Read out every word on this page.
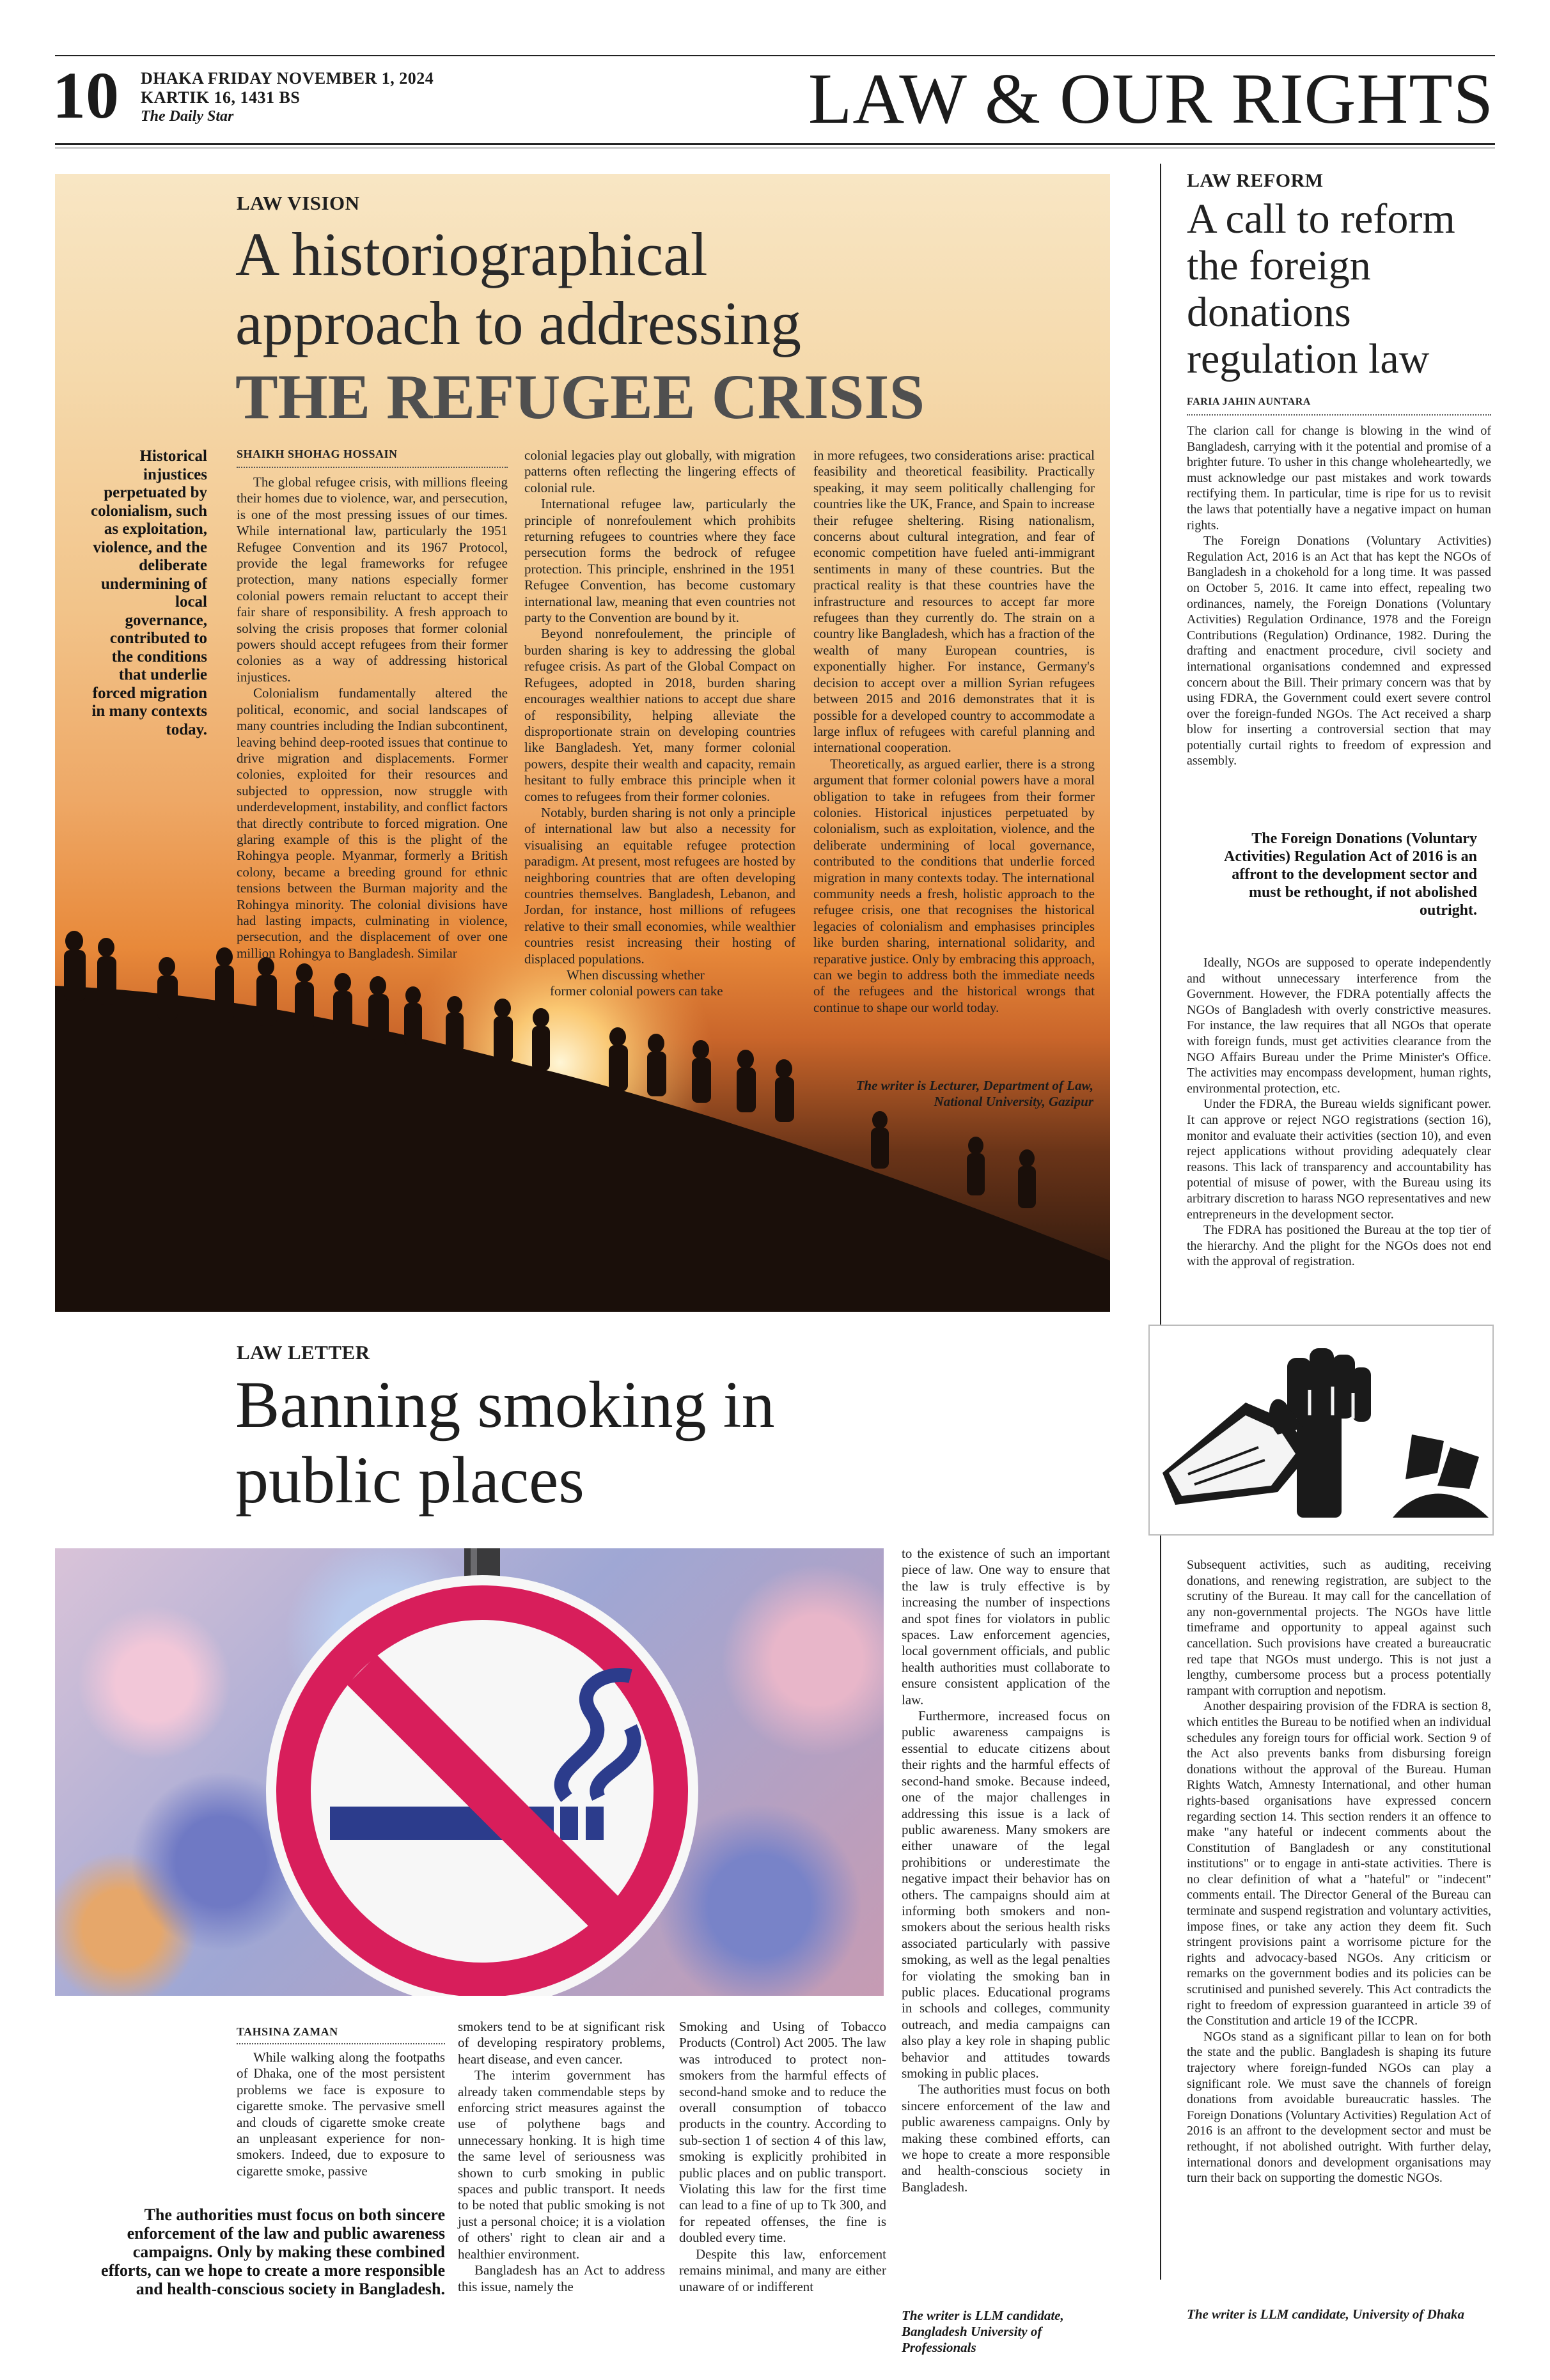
10 DHAKA FRIDAY NOVEMBER 1, 2024
KARTIK 16, 1431 BS
The Daily Star	LAW & OUR RIGHTS
LAW VISION
A historiographical
approach to addressing
THE REFUGEE CRISIS
Historical injustices perpetuated by colonialism, such as exploitation, violence, and the deliberate undermining of local governance, contributed to the conditions that underlie forced migration in many contexts today.
SHAIKH SHOHAG HOSSAIN

The global refugee crisis, with millions fleeing their homes due to violence, war, and persecution, is one of the most pressing issues of our times. While international law, particularly the 1951 Refugee Convention and its 1967 Protocol, provide the legal frameworks for refugee protection, many nations especially former colonial powers remain reluctant to accept their fair share of responsibility. A fresh approach to solving the crisis proposes that former colonial powers should accept refugees from their former colonies as a way of addressing historical injustices.

Colonialism fundamentally altered the political, economic, and social landscapes of many countries including the Indian subcontinent, leaving behind deep-rooted issues that continue to drive migration and displacements. Former colonies, exploited for their resources and subjected to oppression, now struggle with underdevelopment, instability, and conflict factors that directly contribute to forced migration. One glaring example of this is the plight of the Rohingya people. Myanmar, formerly a British colony, became a breeding ground for ethnic tensions between the Burman majority and the Rohingya minority. The colonial divisions have had lasting impacts, culminating in violence, persecution, and the displacement of over one million Rohingya to Bangladesh. Similar

colonial legacies play out globally, with migration patterns often reflecting the lingering effects of colonial rule.

International refugee law, particularly the principle of nonrefoulement which prohibits returning refugees to countries where they face persecution forms the bedrock of refugee protection. This principle, enshrined in the 1951 Refugee Convention, has become customary international law, meaning that even countries not party to the Convention are bound by it.

Beyond nonrefoulement, the principle of burden sharing is key to addressing the global refugee crisis. As part of the Global Compact on Refugees, adopted in 2018, burden sharing encourages wealthier nations to accept due share of responsibility, helping alleviate the disproportionate strain on developing countries like Bangladesh. Yet, many former colonial powers, despite their wealth and capacity, remain hesitant to fully embrace this principle when it comes to refugees from their former colonies.

Notably, burden sharing is not only a principle of international law but also a necessity for visualising an equitable refugee protection paradigm. At present, most refugees are hosted by neighboring countries that are often developing countries themselves. Bangladesh, Lebanon, and Jordan, for instance, host millions of refugees relative to their small economies, while wealthier countries resist increasing their hosting of displaced populations.

When discussing whether former colonial powers can take

in more refugees, two considerations arise: practical feasibility and theoretical feasibility. Practically speaking, it may seem politically challenging for countries like the UK, France, and Spain to increase their refugee sheltering. Rising nationalism, concerns about cultural integration, and fear of economic competition have fueled anti-immigrant sentiments in many of these countries. But the practical reality is that these countries have the infrastructure and resources to accept far more refugees than they currently do. The strain on a country like Bangladesh, which has a fraction of the wealth of many European countries, is exponentially higher. For instance, Germany's decision to accept over a million Syrian refugees between 2015 and 2016 demonstrates that it is possible for a developed country to accommodate a large influx of refugees with careful planning and international cooperation.

Theoretically, as argued earlier, there is a strong argument that former colonial powers have a moral obligation to take in refugees from their former colonies. Historical injustices perpetuated by colonialism, such as exploitation, violence, and the deliberate undermining of local governance, contributed to the conditions that underlie forced migration in many contexts today. The international community needs a fresh, holistic approach to the refugee crisis, one that recognises the historical legacies of colonialism and emphasises principles like burden sharing, international solidarity, and reparative justice. Only by embracing this approach, can we begin to address both the immediate needs of the refugees and the historical wrongs that continue to shape our world today.

The writer is Lecturer, Department of Law, National University, Gazipur
LAW REFORM
A call to reform the foreign donations regulation law
FARIA JAHIN AUNTARA

The clarion call for change is blowing in the wind of Bangladesh, carrying with it the potential and promise of a brighter future. To usher in this change wholeheartedly, we must acknowledge our past mistakes and work towards rectifying them. In particular, time is ripe for us to revisit the laws that potentially have a negative impact on human rights.

The Foreign Donations (Voluntary Activities) Regulation Act, 2016 is an Act that has kept the NGOs of Bangladesh in a chokehold for a long time. It was passed on October 5, 2016. It came into effect, repealing two ordinances, namely, the Foreign Donations (Voluntary Activities) Regulation Ordinance, 1978 and the Foreign Contributions (Regulation) Ordinance, 1982. During the drafting and enactment procedure, civil society and international organisations condemned and expressed concern about the Bill. Their primary concern was that by using FDRA, the Government could exert severe control over the foreign-funded NGOs. The Act received a sharp blow for inserting a controversial section that may potentially curtail rights to freedom of expression and assembly.

The Foreign Donations (Voluntary Activities) Regulation Act of 2016 is an affront to the development sector and must be rethought, if not abolished outright.

Ideally, NGOs are supposed to operate independently and without unnecessary interference from the Government. However, the FDRA potentially affects the NGOs of Bangladesh with overly constrictive measures. For instance, the law requires that all NGOs that operate with foreign funds, must get activities clearance from the NGO Affairs Bureau under the Prime Minister's Office. The activities may encompass development, human rights, environmental protection, etc.

Under the FDRA, the Bureau wields significant power. It can approve or reject NGO registrations (section 16), monitor and evaluate their activities (section 10), and even reject applications without providing adequately clear reasons. This lack of transparency and accountability has potential of misuse of power, with the Bureau using its arbitrary discretion to harass NGO representatives and new entrepreneurs in the development sector.

The FDRA has positioned the Bureau at the top tier of the hierarchy. And the plight for the NGOs does not end with the approval of registration.

Subsequent activities, such as auditing, receiving donations, and renewing registration, are subject to the scrutiny of the Bureau. It may call for the cancellation of any non-governmental projects. The NGOs have little timeframe and opportunity to appeal against such cancellation. Such provisions have created a bureaucratic red tape that NGOs must undergo. This is not just a lengthy, cumbersome process but a process potentially rampant with corruption and nepotism.

Another despairing provision of the FDRA is section 8, which entitles the Bureau to be notified when an individual schedules any foreign tours for official work. Section 9 of the Act also prevents banks from disbursing foreign donations without the approval of the Bureau. Human Rights Watch, Amnesty International, and other human rights-based organisations have expressed concern regarding section 14. This section renders it an offence to make "any hateful or indecent comments about the Constitution of Bangladesh or any constitutional institutions" or to engage in anti-state activities. There is no clear definition of what a "hateful" or "indecent" comments entail. The Director General of the Bureau can terminate and suspend registration and voluntary activities, impose fines, or take any action they deem fit. Such stringent provisions paint a worrisome picture for the rights and advocacy-based NGOs. Any criticism or remarks on the government bodies and its policies can be scrutinised and punished severely. This Act contradicts the right to freedom of expression guaranteed in article 39 of the Constitution and article 19 of the ICCPR.

NGOs stand as a significant pillar to lean on for both the state and the public. Bangladesh is shaping its future trajectory where foreign-funded NGOs can play a significant role. We must save the channels of foreign donations from avoidable bureaucratic hassles. The Foreign Donations (Voluntary Activities) Regulation Act of 2016 is an affront to the development sector and must be rethought, if not abolished outright. With further delay, international donors and development organisations may turn their back on supporting the domestic NGOs.

The writer is LLM candidate, University of Dhaka
LAW LETTER
Banning smoking in
public places
TAHSINA ZAMAN

While walking along the footpaths of Dhaka, one of the most persistent problems we face is exposure to cigarette smoke. The pervasive smell and clouds of cigarette smoke create an unpleasant experience for non-smokers. Indeed, due to exposure to cigarette smoke, passive

The authorities must focus on both sincere enforcement of the law and public awareness campaigns. Only by making these combined efforts, can we hope to create a more responsible and health-conscious society in Bangladesh.

smokers tend to be at significant risk of developing respiratory problems, heart disease, and even cancer.

The interim government has already taken commendable steps by enforcing strict measures against the use of polythene bags and unnecessary honking. It is high time the same level of seriousness was shown to curb smoking in public spaces and public transport. It needs to be noted that public smoking is not just a personal choice; it is a violation of others' right to clean air and a healthier environment.

Bangladesh has an Act to address this issue, namely the

Smoking and Using of Tobacco Products (Control) Act 2005. The law was introduced to protect non-smokers from the harmful effects of second-hand smoke and to reduce the overall consumption of tobacco products in the country. According to sub-section 1 of section 4 of this law, smoking is explicitly prohibited in public places and on public transport. Violating this law for the first time can lead to a fine of up to Tk 300, and for repeated offenses, the fine is doubled every time.

Despite this law, enforcement remains minimal, and many are either unaware of or indifferent

to the existence of such an important piece of law. One way to ensure that the law is truly effective is by increasing the number of inspections and spot fines for violators in public spaces. Law enforcement agencies, local government officials, and public health authorities must collaborate to ensure consistent application of the law.

Furthermore, increased focus on public awareness campaigns is essential to educate citizens about their rights and the harmful effects of second-hand smoke. Because indeed, one of the major challenges in addressing this issue is a lack of public awareness. Many smokers are either unaware of the legal prohibitions or underestimate the negative impact their behavior has on others. The campaigns should aim at informing both smokers and non-smokers about the serious health risks associated particularly with passive smoking, as well as the legal penalties for violating the smoking ban in public places. Educational programs in schools and colleges, community outreach, and media campaigns can also play a key role in shaping public behavior and attitudes towards smoking in public places.

The authorities must focus on both sincere enforcement of the law and public awareness campaigns. Only by making these combined efforts, can we hope to create a more responsible and health-conscious society in Bangladesh.

The writer is LLM candidate, Bangladesh University of Professionals
